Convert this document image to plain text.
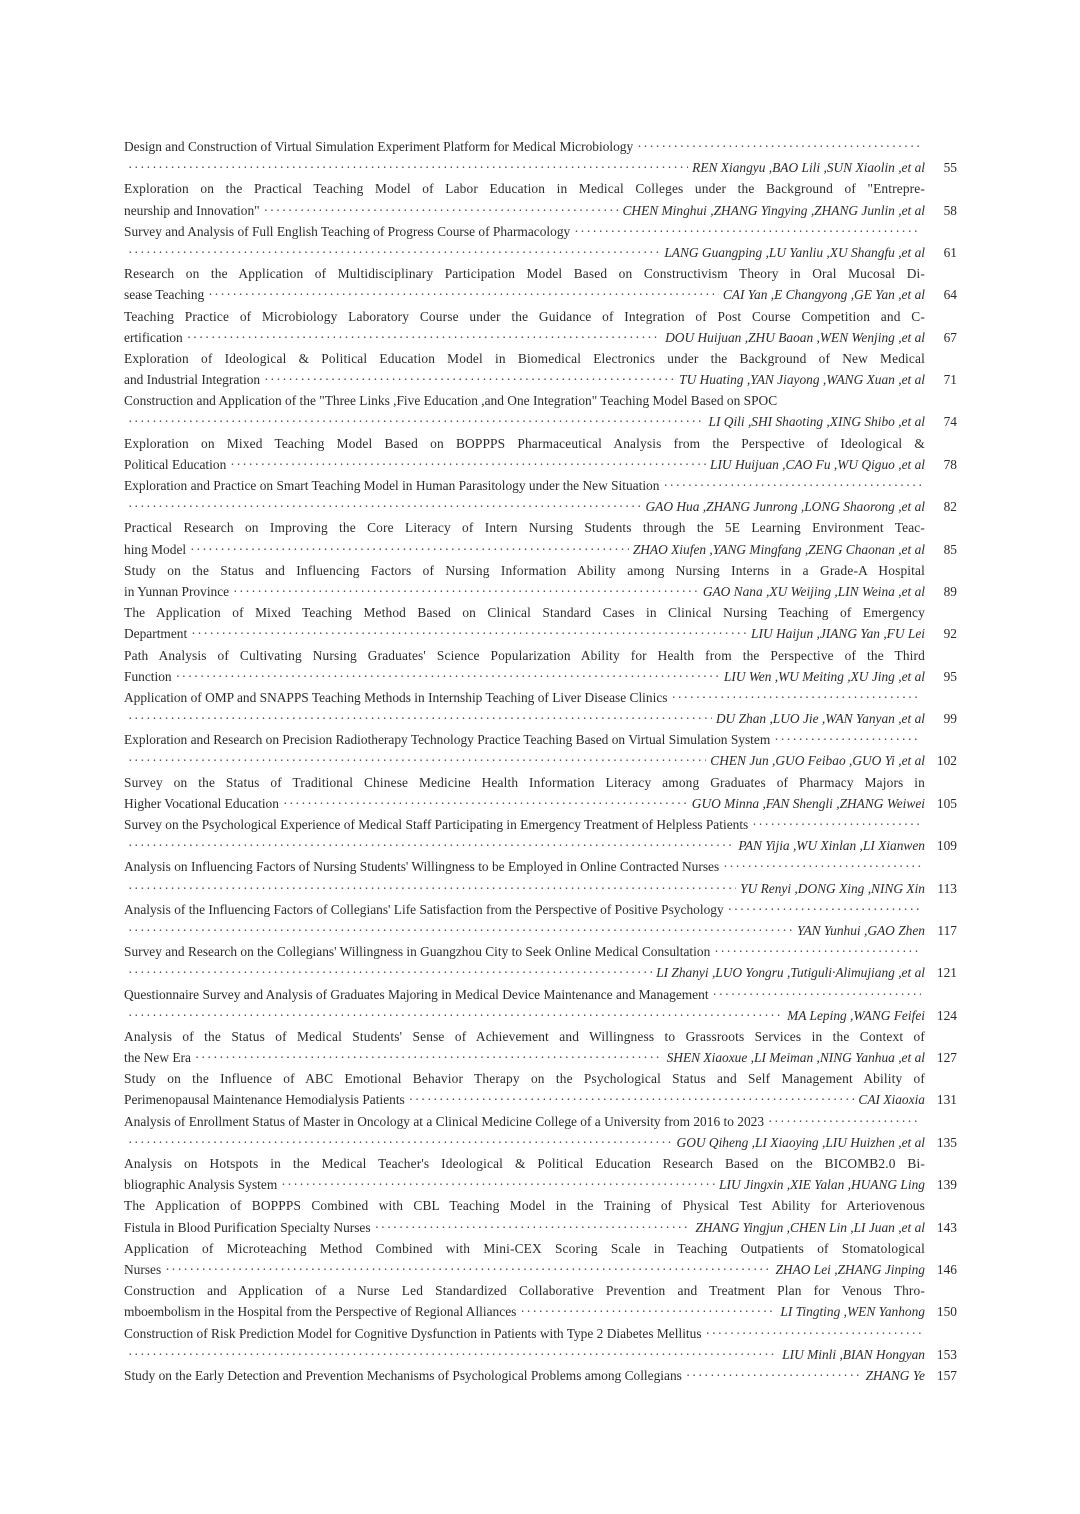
Design and Construction of Virtual Simulation Experiment Platform for Medical Microbiology
·····
·····
REN Xiangyu ,BAO Lili ,SUN Xiaolin ,et al	55
Exploration on the Practical Teaching Model of Labor Education in Medical Colleges under the Background of "Entrepre-
neurship and Innovation" ·····	CHEN Minghui ,ZHANG Yingying ,ZHANG Junlin ,et al	58
Survey and Analysis of Full English Teaching of Progress Course of Pharmacology
·····
·····
LANG Guangping ,LU Yanliu ,XU Shangfu ,et al	61
Research on the Application of Multidisciplinary Participation Model Based on Constructivism Theory in Oral Mucosal Di-
sease Teaching ·····	CAI Yan ,E Changyong ,GE Yan ,et al	64
Teaching Practice of Microbiology Laboratory Course under the Guidance of Integration of Post Course Competition and C-
ertification ·····	DOU Huijuan ,ZHU Baoan ,WEN Wenjing ,et al	67
Exploration of Ideological & Political Education Model in Biomedical Electronics under the Background of New Medical
and Industrial Integration ·····	TU Huating ,YAN Jiayong ,WANG Xuan ,et al	71
Construction and Application of the "Three Links ,Five Education ,and One Integration" Teaching Model Based on SPOC
·····
LI Qili ,SHI Shaoting ,XING Shibo ,et al	74
Exploration on Mixed Teaching Model Based on BOPPPS Pharmaceutical Analysis from the Perspective of Ideological &
Political Education ·····	LIU Huijuan ,CAO Fu ,WU Qiguo ,et al	78
Exploration and Practice on Smart Teaching Model in Human Parasitology under the New Situation
·····
·····
GAO Hua ,ZHANG Junrong ,LONG Shaorong ,et al	82
Practical Research on Improving the Core Literacy of Intern Nursing Students through the 5E Learning Environment Teac-
hing Model ·····	ZHAO Xiufen ,YANG Mingfang ,ZENG Chaonan ,et al	85
Study on the Status and Influencing Factors of Nursing Information Ability among Nursing Interns in a Grade-A Hospital
in Yunnan Province ·····	GAO Nana ,XU Weijing ,LIN Weina ,et al	89
The Application of Mixed Teaching Method Based on Clinical Standard Cases in Clinical Nursing Teaching of Emergency
Department ·····	LIU Haijun ,JIANG Yan ,FU Lei	92
Path Analysis of Cultivating Nursing Graduates' Science Popularization Ability for Health from the Perspective of the Third
Function ·····	LIU Wen ,WU Meiting ,XU Jing ,et al	95
Application of OMP and SNAPPS Teaching Methods in Internship Teaching of Liver Disease Clinics
·····
·····
DU Zhan ,LUO Jie ,WAN Yanyan ,et al	99
Exploration and Research on Precision Radiotherapy Technology Practice Teaching Based on Virtual Simulation System
·····
·····
CHEN Jun ,GUO Feibao ,GUO Yi ,et al 102
Survey on the Status of Traditional Chinese Medicine Health Information Literacy among Graduates of Pharmacy Majors in
Higher Vocational Education ·····	GUO Minna ,FAN Shengli ,ZHANG Weiwei 105
Survey on the Psychological Experience of Medical Staff Participating in Emergency Treatment of Helpless Patients
·····
·····
PAN Yijia ,WU Xinlan ,LI Xianwen 109
Analysis on Influencing Factors of Nursing Students' Willingness to be Employed in Online Contracted Nurses
·····
·····
YU Renyi ,DONG Xing ,NING Xin 113
Analysis of the Influencing Factors of Collegians' Life Satisfaction from the Perspective of Positive Psychology
·····
·····
YAN Yunhui ,GAO Zhen 117
Survey and Research on the Collegians' Willingness in Guangzhou City to Seek Online Medical Consultation
·····
·····
LI Zhanyi ,LUO Yongru ,Tutiguli·Alimujiang ,et al 121
Questionnaire Survey and Analysis of Graduates Majoring in Medical Device Maintenance and Management
·····
·····
MA Leping ,WANG Feifei 124
Analysis of the Status of Medical Students' Sense of Achievement and Willingness to Grassroots Services in the Context of
the New Era ·····	SHEN Xiaoxue ,LI Meiman ,NING Yanhua ,et al 127
Study on the Influence of ABC Emotional Behavior Therapy on the Psychological Status and Self Management Ability of
Perimenopausal Maintenance Hemodialysis Patients ·····	CAI Xiaoxia 131
Analysis of Enrollment Status of Master in Oncology at a Clinical Medicine College of a University from 2016 to 2023
·····
·····
GOU Qiheng ,LI Xiaoying ,LIU Huizhen ,et al 135
Analysis on Hotspots in the Medical Teacher's Ideological & Political Education Research Based on the BICOMB2.0 Bi-
bliographic Analysis System ·····	LIU Jingxin ,XIE Yalan ,HUANG Ling 139
The Application of BOPPPS Combined with CBL Teaching Model in the Training of Physical Test Ability for Arteriovenous
Fistula in Blood Purification Specialty Nurses ·····	ZHANG Yingjun ,CHEN Lin ,LI Juan ,et al 143
Application of Microteaching Method Combined with Mini-CEX Scoring Scale in Teaching Outpatients of Stomatological
Nurses ·····	ZHAO Lei ,ZHANG Jinping 146
Construction and Application of a Nurse Led Standardized Collaborative Prevention and Treatment Plan for Venous Thro-
mboembolism in the Hospital from the Perspective of Regional Alliances ·····	LI Tingting ,WEN Yanhong 150
Construction of Risk Prediction Model for Cognitive Dysfunction in Patients with Type 2 Diabetes Mellitus
·····
·····
LIU Minli ,BIAN Hongyan 153
Study on the Early Detection and Prevention Mechanisms of Psychological Problems among Collegians ·····	ZHANG Ye 157
